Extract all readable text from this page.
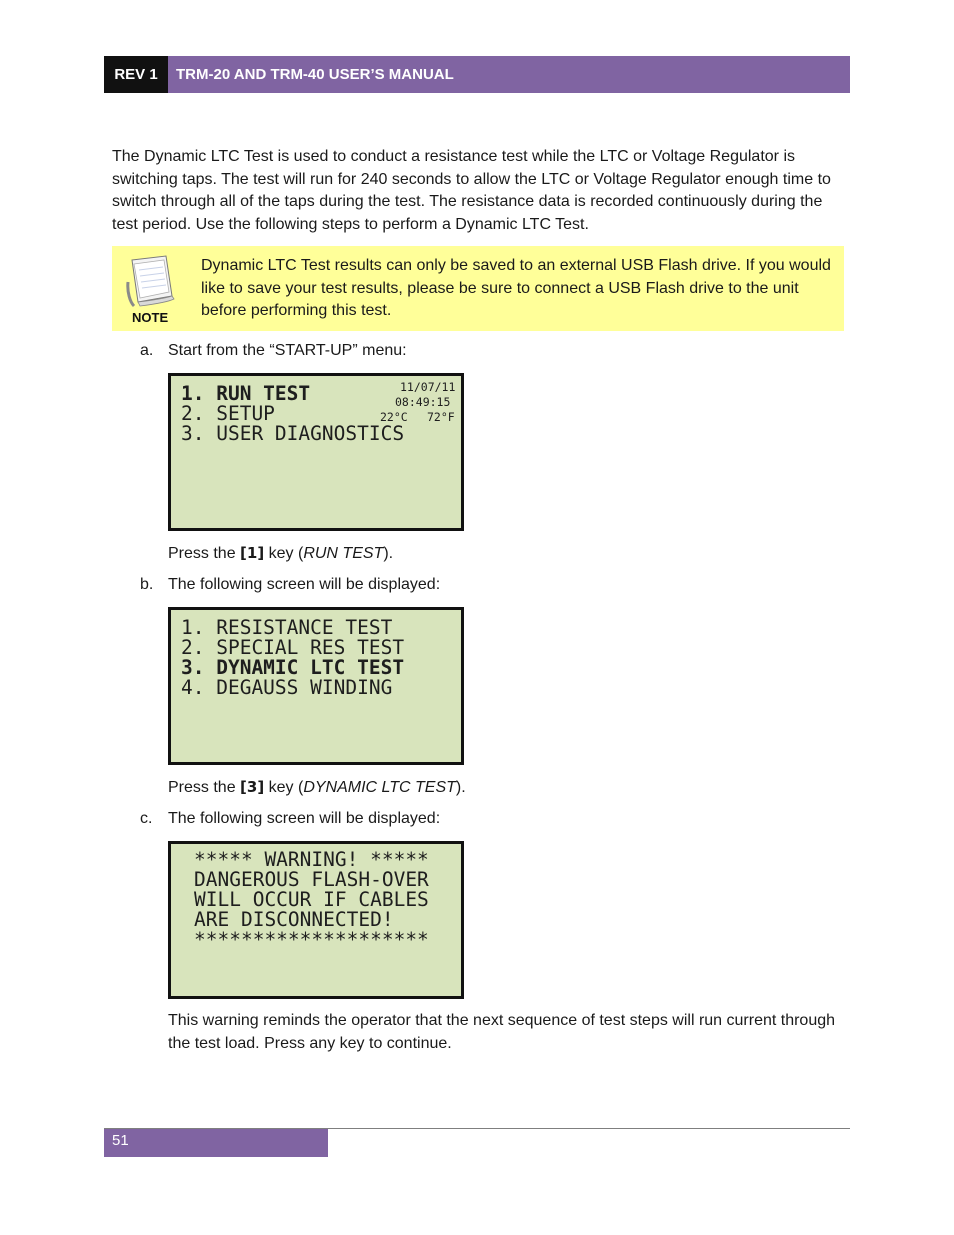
REV 1	TRM-20 AND TRM-40 USER’S MANUAL
The Dynamic LTC Test is used to conduct a resistance test while the LTC or Voltage Regulator is switching taps. The test will run for 240 seconds to allow the LTC or Voltage Regulator enough time to switch through all of the taps during the test. The resistance data is recorded continuously during the test period. Use the following steps to perform a Dynamic LTC Test.
NOTE
Dynamic LTC Test results can only be saved to an external USB Flash drive. If you would like to save your test results, please be sure to connect a USB Flash drive to the unit before performing this test.
a. Start from the “START-UP” menu:
1. RUN TEST
2. SETUP
3. USER DIAGNOSTICS
11/07/11
08:49:15
22°C 72°F
Press the [1] key (RUN TEST).
b. The following screen will be displayed:
1. RESISTANCE TEST
2. SPECIAL RES TEST
3. DYNAMIC LTC TEST
4. DEGAUSS WINDING
Press the [3] key (DYNAMIC LTC TEST).
c. The following screen will be displayed:
***** WARNING! *****
DANGEROUS FLASH-OVER
WILL OCCUR IF CABLES
ARE DISCONNECTED!
********************
This warning reminds the operator that the next sequence of test steps will run current through the test load. Press any key to continue.
51
